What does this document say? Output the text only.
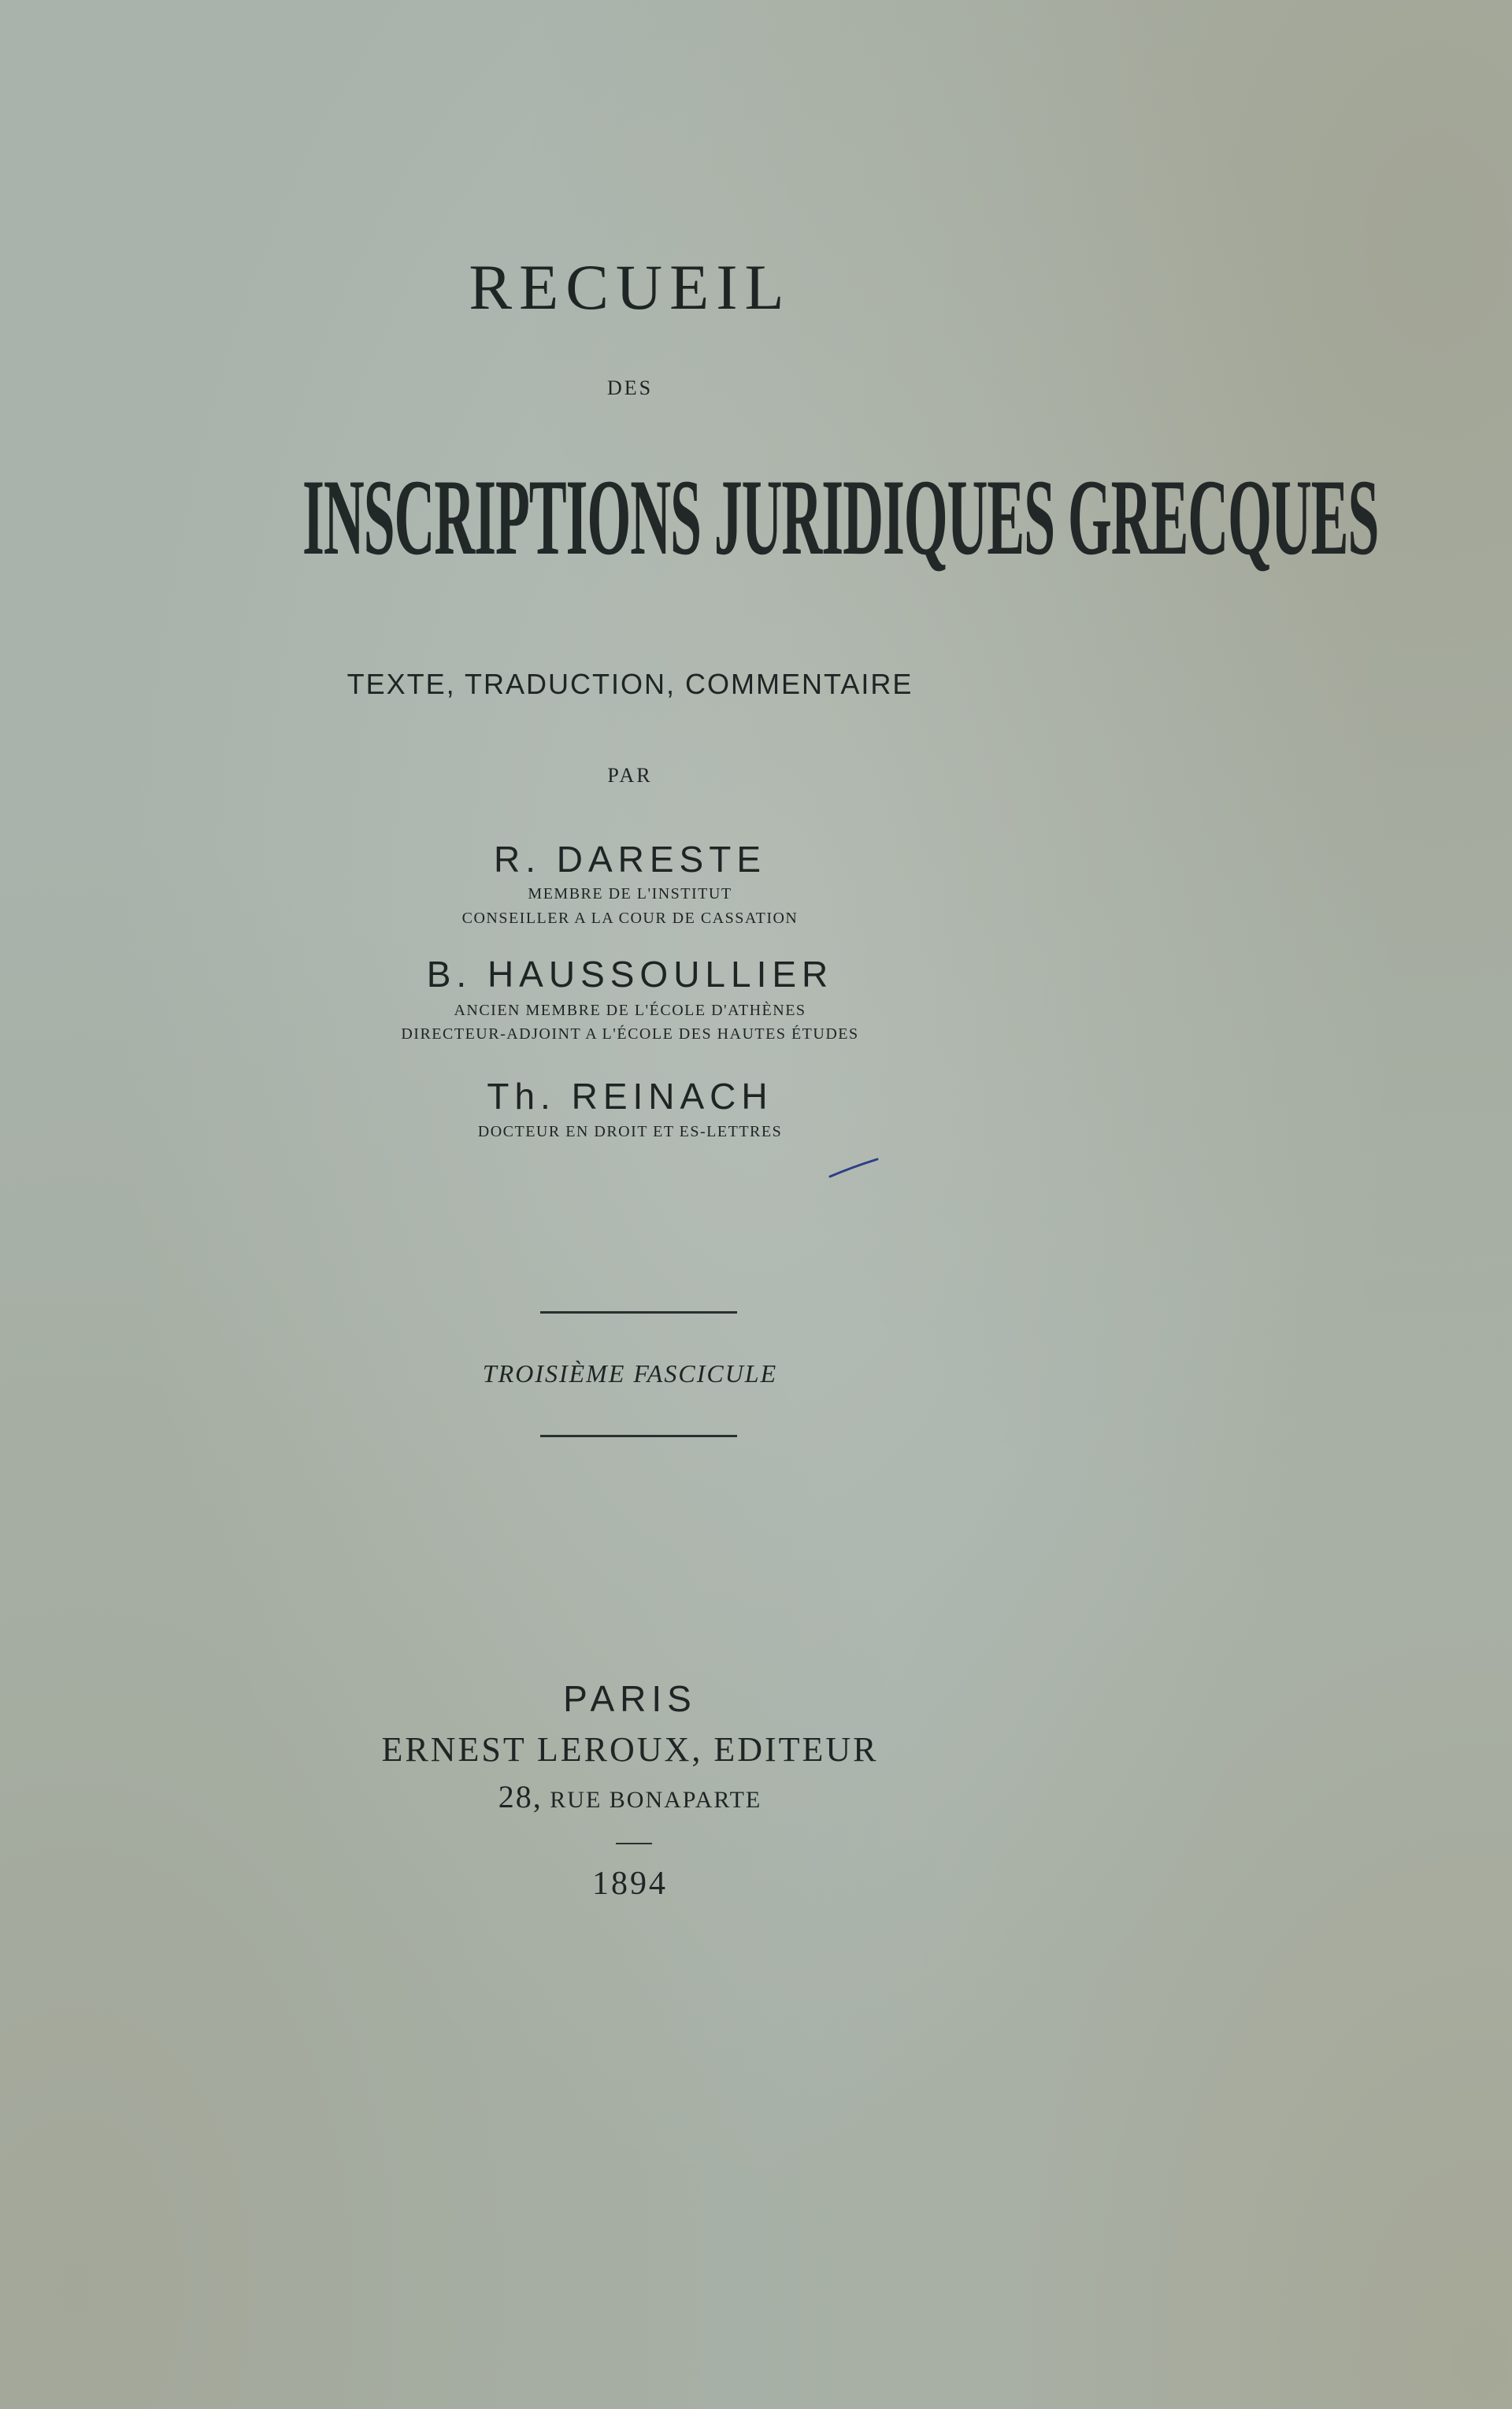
RECUEIL

DES

INSCRIPTIONS JURIDIQUES GRECQUES

TEXTE, TRADUCTION, COMMENTAIRE

PAR

R. DARESTE

MEMBRE DE L'INSTITUT

CONSEILLER A LA COUR DE CASSATION

B. HAUSSOULLIER

ANCIEN MEMBRE DE L'ÉCOLE D'ATHÈNES

DIRECTEUR-ADJOINT A L'ÉCOLE DES HAUTES ÉTUDES

Th. REINACH

DOCTEUR EN DROIT ET ES-LETTRES

TROISIÈME FASCICULE

PARIS

ERNEST LEROUX, EDITEUR

28, RUE BONAPARTE

1894
